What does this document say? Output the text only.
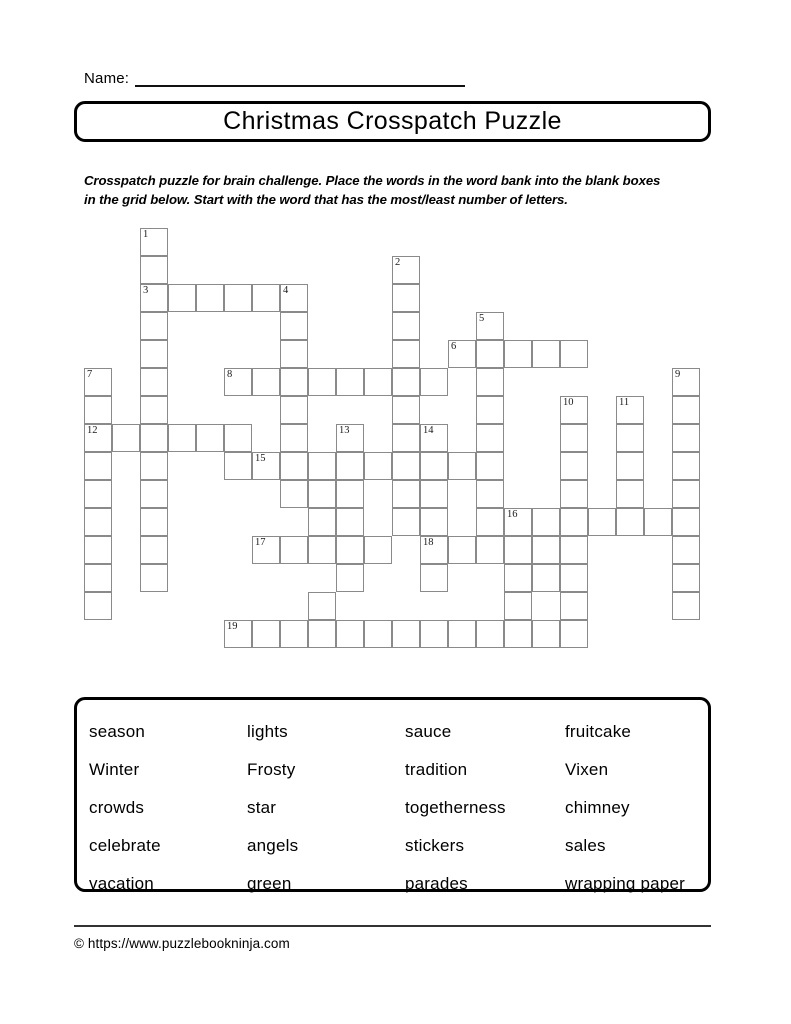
Name:
Christmas Crosspatch Puzzle

Crosspatch puzzle for brain challenge. Place the words in the word bank into the blank boxes in the grid below. Start with the word that has the most/least number of letters.

1
2
3	4
5
6
7	8	9
10	11
12	13	14
15
16
17	18
19
season	lights	sauce	fruitcake
Winter	Frosty	tradition	Vixen
crowds	star	togetherness	chimney
celebrate	angels	stickers	sales
vacation	green	parades	wrapping paper
© https://www.puzzlebookninja.com
